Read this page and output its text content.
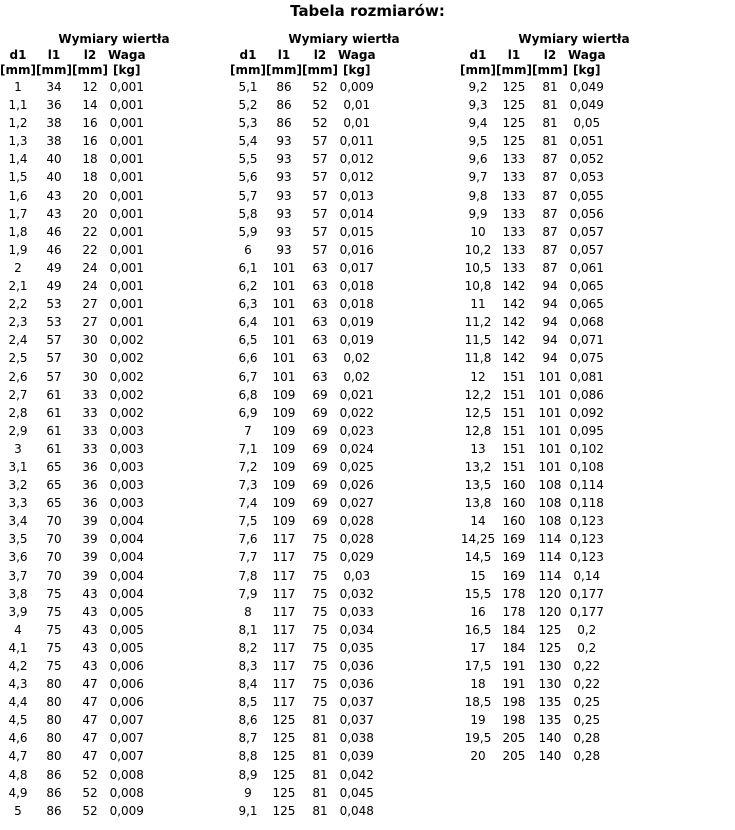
Tabela rozmiarów:
Wymiary wiertła
d1	l1	l2	Waga
[mm]	[mm]	[mm]	[kg]
1	34	12	0,001
1,1	36	14	0,001
1,2	38	16	0,001
1,3	38	16	0,001
1,4	40	18	0,001
1,5	40	18	0,001
1,6	43	20	0,001
1,7	43	20	0,001
1,8	46	22	0,001
1,9	46	22	0,001
2	49	24	0,001
2,1	49	24	0,001
2,2	53	27	0,001
2,3	53	27	0,001
2,4	57	30	0,002
2,5	57	30	0,002
2,6	57	30	0,002
2,7	61	33	0,002
2,8	61	33	0,002
2,9	61	33	0,003
3	61	33	0,003
3,1	65	36	0,003
3,2	65	36	0,003
3,3	65	36	0,003
3,4	70	39	0,004
3,5	70	39	0,004
3,6	70	39	0,004
3,7	70	39	0,004
3,8	75	43	0,004
3,9	75	43	0,005
4	75	43	0,005
4,1	75	43	0,005
4,2	75	43	0,006
4,3	80	47	0,006
4,4	80	47	0,006
4,5	80	47	0,007
4,6	80	47	0,007
4,7	80	47	0,007
4,8	86	52	0,008
4,9	86	52	0,008
5	86	52	0,009
Wymiary wiertła
d1	l1	l2	Waga
[mm]	[mm]	[mm]	[kg]
5,1	86	52	0,009
5,2	86	52	0,01
5,3	86	52	0,01
5,4	93	57	0,011
5,5	93	57	0,012
5,6	93	57	0,012
5,7	93	57	0,013
5,8	93	57	0,014
5,9	93	57	0,015
6	93	57	0,016
6,1	101	63	0,017
6,2	101	63	0,018
6,3	101	63	0,018
6,4	101	63	0,019
6,5	101	63	0,019
6,6	101	63	0,02
6,7	101	63	0,02
6,8	109	69	0,021
6,9	109	69	0,022
7	109	69	0,023
7,1	109	69	0,024
7,2	109	69	0,025
7,3	109	69	0,026
7,4	109	69	0,027
7,5	109	69	0,028
7,6	117	75	0,028
7,7	117	75	0,029
7,8	117	75	0,03
7,9	117	75	0,032
8	117	75	0,033
8,1	117	75	0,034
8,2	117	75	0,035
8,3	117	75	0,036
8,4	117	75	0,036
8,5	117	75	0,037
8,6	125	81	0,037
8,7	125	81	0,038
8,8	125	81	0,039
8,9	125	81	0,042
9	125	81	0,045
9,1	125	81	0,048
Wymiary wiertła
d1	l1	l2	Waga
[mm]	[mm]	[mm]	[kg]
9,2	125	81	0,049
9,3	125	81	0,049
9,4	125	81	0,05
9,5	125	81	0,051
9,6	133	87	0,052
9,7	133	87	0,053
9,8	133	87	0,055
9,9	133	87	0,056
10	133	87	0,057
10,2	133	87	0,057
10,5	133	87	0,061
10,8	142	94	0,065
11	142	94	0,065
11,2	142	94	0,068
11,5	142	94	0,071
11,8	142	94	0,075
12	151	101	0,081
12,2	151	101	0,086
12,5	151	101	0,092
12,8	151	101	0,095
13	151	101	0,102
13,2	151	101	0,108
13,5	160	108	0,114
13,8	160	108	0,118
14	160	108	0,123
14,25	169	114	0,123
14,5	169	114	0,123
15	169	114	0,14
15,5	178	120	0,177
16	178	120	0,177
16,5	184	125	0,2
17	184	125	0,2
17,5	191	130	0,22
18	191	130	0,22
18,5	198	135	0,25
19	198	135	0,25
19,5	205	140	0,28
20	205	140	0,28
